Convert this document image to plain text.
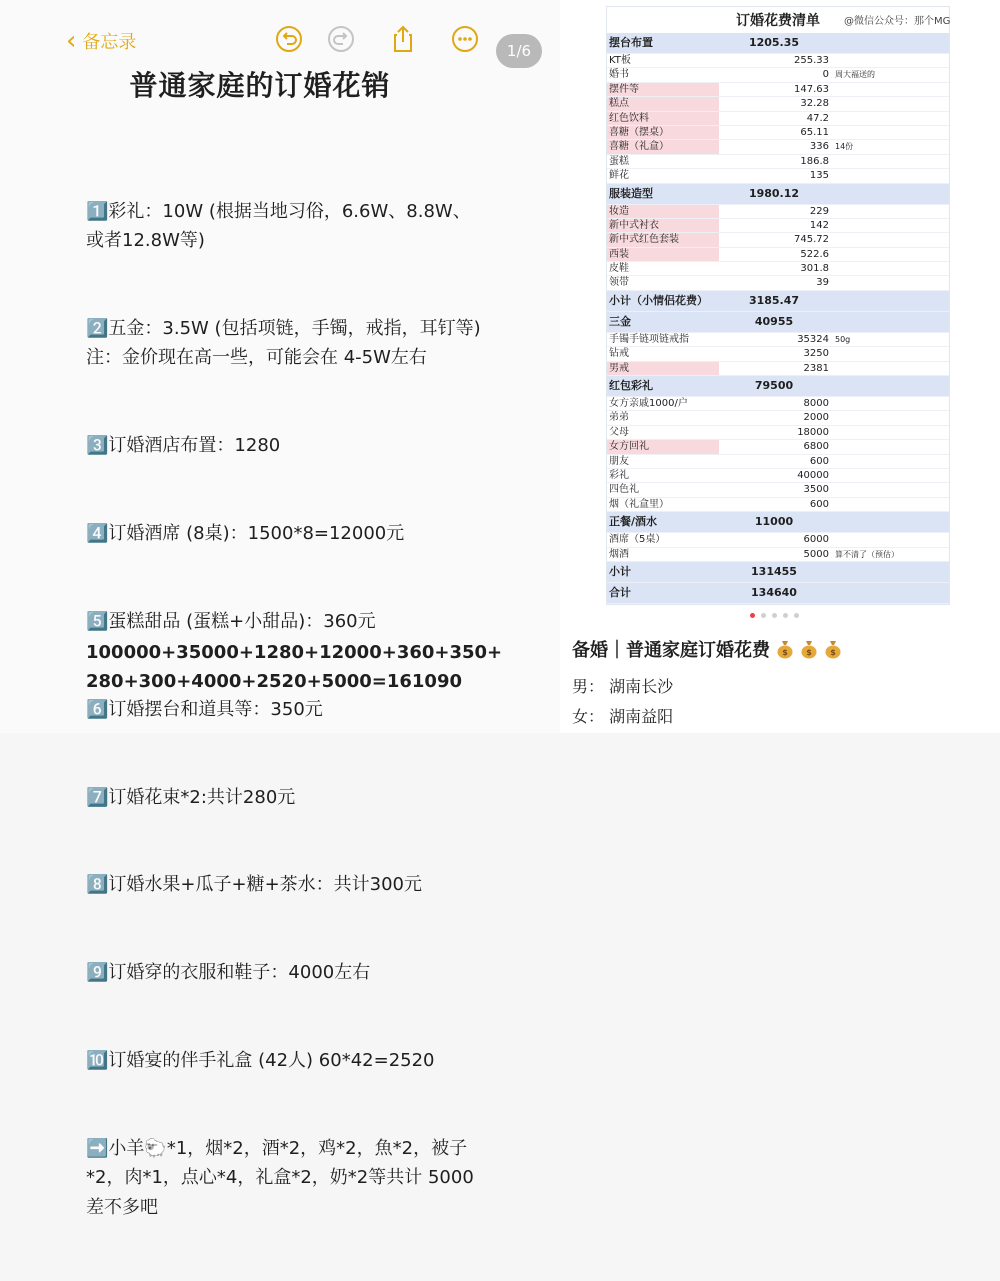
‹ 备忘录	1/6
普通家庭的订婚花销

1️⃣彩礼：10W (根据当地习俗，6.6W、8.8W、或者12.8W等)

2️⃣五金：3.5W (包括项链，手镯，戒指，耳钉等) 注：金价现在高一些，可能会在 4-5W左右

3️⃣订婚酒店布置：1280

4️⃣订婚酒席 (8桌)：1500*8=12000元

5️⃣蛋糕甜品 (蛋糕+小甜品)：360元

6️⃣订婚摆台和道具等：350元

7️⃣订婚花束*2:共计280元

8️⃣订婚水果+瓜子+糖+茶水：共计300元

9️⃣订婚穿的衣服和鞋子：4000左右

🔟订婚宴的伴手礼盒 (42人) 60*42=2520

➡️小羊🐑*1，烟*2，酒*2，鸡*2，魚*2，被子*2，肉*1，点心*4，礼盒*2，奶*2等共计 5000差不多吧

100000+35000+1280+12000+360+350+
280+300+4000+2520+5000=161090
订婚花费清单
摆台布置	1205.35
KT板	255.33
婚书	0 周大福送的
摆件等	147.63
糕点	32.28
红色饮料	47.2
喜糖（摆桌）	65.11
喜糖（礼盒）	336 14份
蛋糕	186.8
鲜花	135
服装造型	1980.12
妆造	229
新中式衬衣	142
新中式红色套装	745.72
西装	522.6
皮鞋	301.8
领带	39
小计（小情侣花费）	3185.47
三金	40955
手镯手链项链戒指	35324 50g
钻戒	3250
男戒	2381
红包彩礼	79500
女方亲戚1000/户	8000
弟弟	2000
父母	18000
女方回礼	6800
朋友	600
彩礼	40000
四色礼	3500
烟（礼盒里）	600
正餐/酒水	11000
酒席（5桌）	6000
烟酒	5000 算不清了（预估）
小计	131455
合计	134640
@微信公众号：那个MG
备婚｜普通家庭订婚花费 $ $ $
男： 湖南长沙
女： 湖南益阳
